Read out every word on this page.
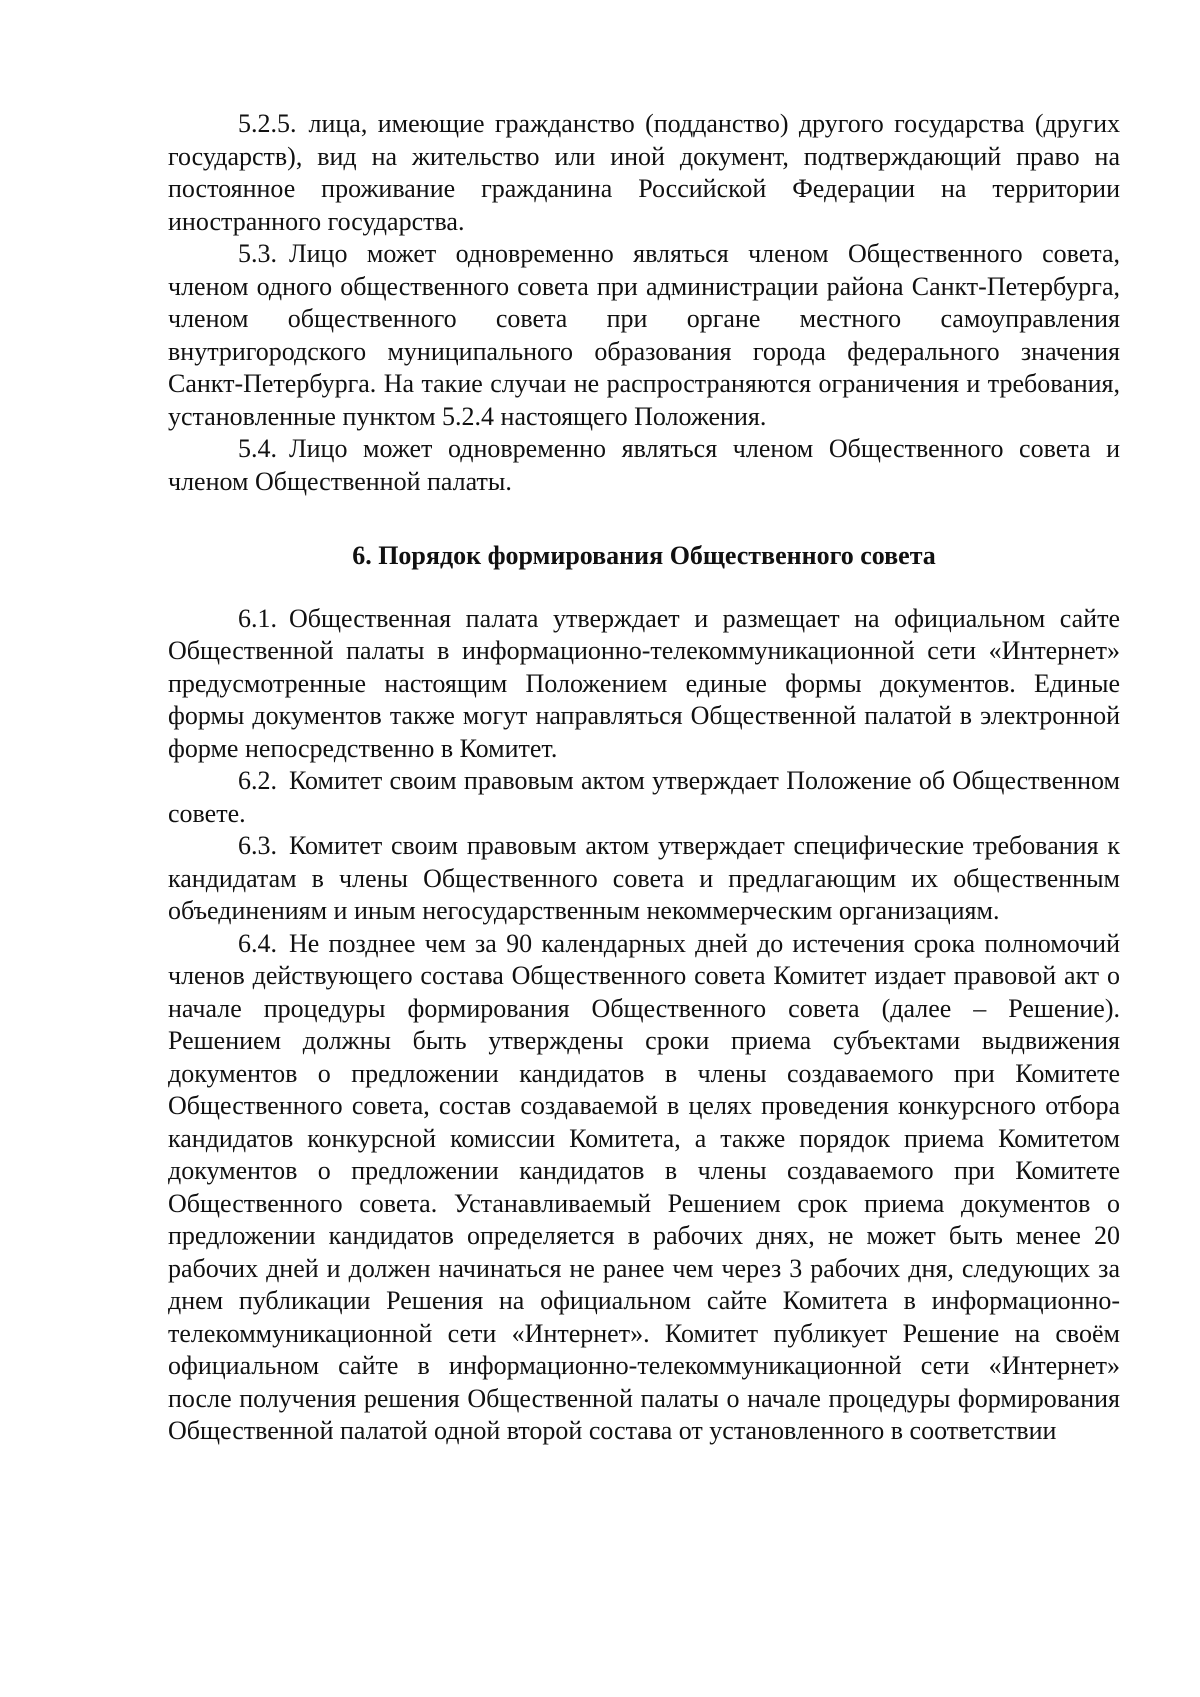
5.2.5. лица, имеющие гражданство (подданство) другого государства (других государств), вид на жительство или иной документ, подтверждающий право на постоянное проживание гражданина Российской Федерации на территории иностранного государства.

5.3. Лицо может одновременно являться членом Общественного совета, членом одного общественного совета при администрации района Санкт-Петербурга, членом общественного совета при органе местного самоуправления внутригородского муниципального образования города федерального значения Санкт-Петербурга. На такие случаи не распространяются ограничения и требования, установленные пунктом 5.2.4 настоящего Положения.

5.4. Лицо может одновременно являться членом Общественного совета и членом Общественной палаты.

6. Порядок формирования Общественного совета

6.1. Общественная палата утверждает и размещает на официальном сайте Общественной палаты в информационно-телекоммуникационной сети «Интернет» предусмотренные настоящим Положением единые формы документов. Единые формы документов также могут направляться Общественной палатой в электронной форме непосредственно в Комитет.

6.2. Комитет своим правовым актом утверждает Положение об Общественном совете.

6.3. Комитет своим правовым актом утверждает специфические требования к кандидатам в члены Общественного совета и предлагающим их общественным объединениям и иным негосударственным некоммерческим организациям.

6.4. Не позднее чем за 90 календарных дней до истечения срока полномочий членов действующего состава Общественного совета Комитет издает правовой акт о начале процедуры формирования Общественного совета (далее – Решение). Решением должны быть утверждены сроки приема субъектами выдвижения документов о предложении кандидатов в члены создаваемого при Комитете Общественного совета, состав создаваемой в целях проведения конкурсного отбора кандидатов конкурсной комиссии Комитета, а также порядок приема Комитетом документов о предложении кандидатов в члены создаваемого при Комитете Общественного совета. Устанавливаемый Решением срок приема документов о предложении кандидатов определяется в рабочих днях, не может быть менее 20 рабочих дней и должен начинаться не ранее чем через 3 рабочих дня, следующих за днем публикации Решения на официальном сайте Комитета в информационно-телекоммуникационной сети «Интернет». Комитет публикует Решение на своём официальном сайте в информационно-телекоммуникационной сети «Интернет» после получения решения Общественной палаты о начале процедуры формирования Общественной палатой одной второй состава от установленного в соответствии
